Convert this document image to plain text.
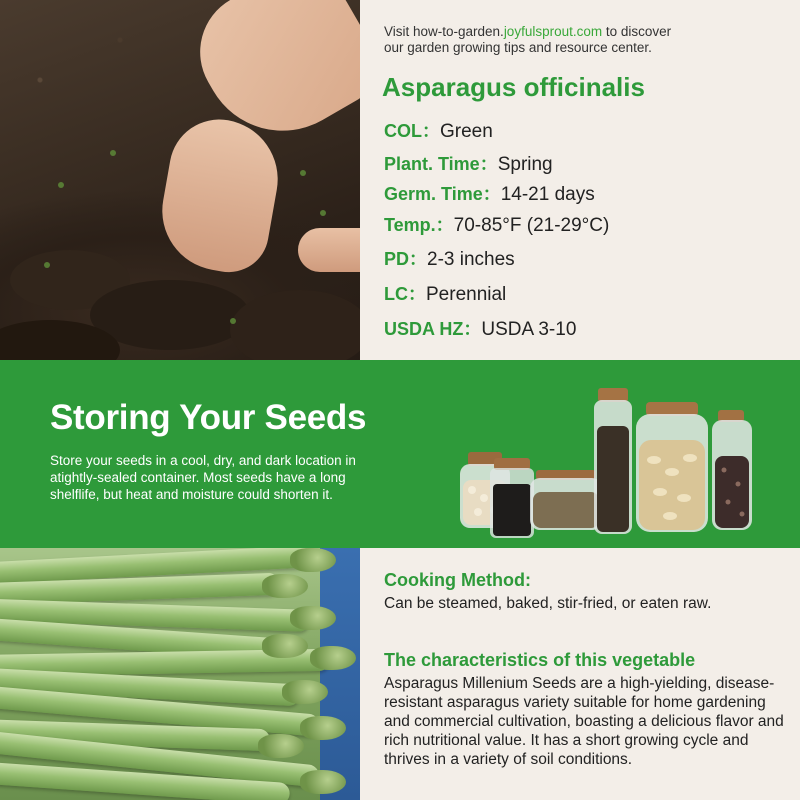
Visit how-to-garden.joyfulsprout.com to discover
our garden growing tips and resource center.
Asparagus officinalis
COL：Green
Plant. Time：Spring
Germ. Time：14-21 days
Temp.：70-85°F (21-29°C)
PD：2-3 inches
LC：Perennial
USDA HZ：USDA 3-10
Storing Your Seeds
Store your seeds in a cool, dry, and dark location in atightly-sealed container. Most seeds have a long shelflife, but heat and moisture could shorten it.
Cooking Method:
Can be steamed, baked, stir-fried, or eaten raw.
The characteristics of this vegetable
Asparagus Millenium Seeds are a high-yielding, disease-resistant asparagus variety suitable for home gardening and commercial cultivation, boasting a delicious flavor and rich nutritional value. It has a short growing cycle and thrives in a variety of soil conditions.
